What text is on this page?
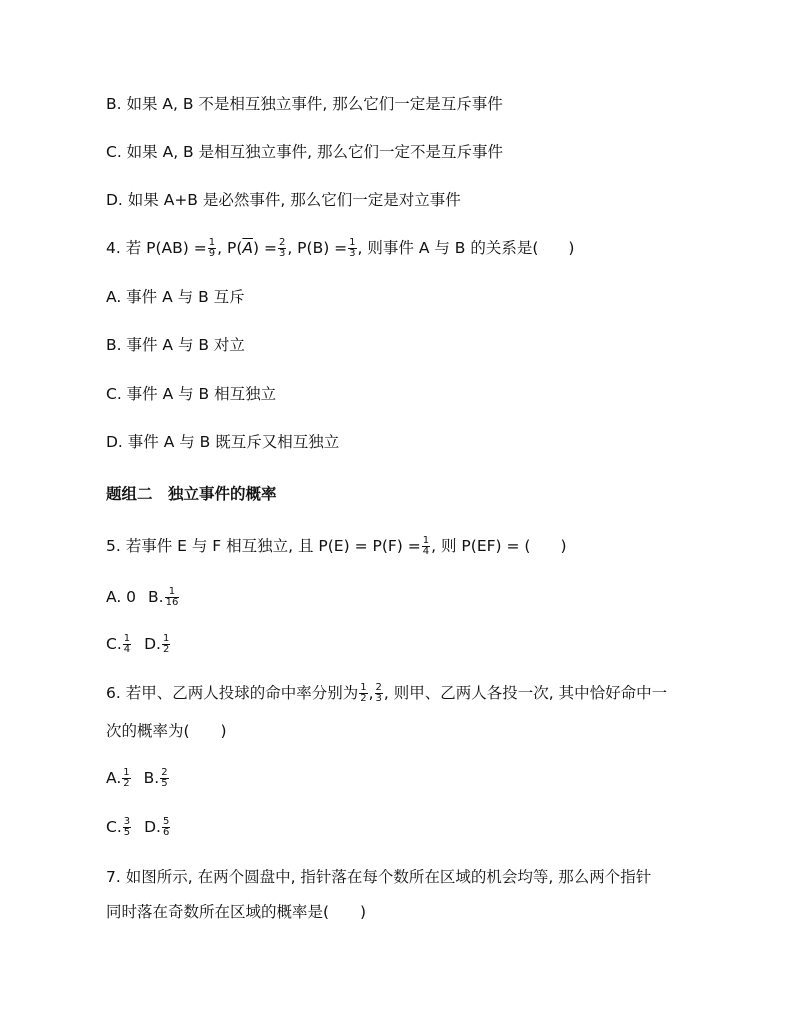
B. 如果 A, B 不是相互独立事件, 那么它们一定是互斥事件
C. 如果 A, B 是相互独立事件, 那么它们一定不是互斥事件
D. 如果 A+B 是必然事件, 那么它们一定是对立事件
4. 若 $P(AB) = \frac{1}{9}$ , $P(\overline{A}) = \frac{2}{3}$ , $P(B) = \frac{1}{3}$ , 则事件 A 与 B 的关系是( )
A. 事件 A 与 B 互斥
B. 事件 A 与 B 对立
C. 事件 A 与 B 相互独立
D. 事件 A 与 B 既互斥又相互独立
题组二　独立事件的概率
5. 若事件 E 与 F 相互独立, 且 $P(E) = P(F) = \frac{1}{4}$ , 则 P(EF) = ( )
A. 0 B. $\frac{1}{16}$
C. $\frac{1}{4} D$. $\frac{1}{2}$
6. 若甲、乙两人投球的命中率分别为 $\frac{1}{2}$ , $\frac{2}{3}$ , 则甲、乙两人各投一次, 其中恰好命中一
次的概率为(　　)
A. $\frac{1}{2} B$. $\frac{2}{5}$
C. $\frac{3}{5} D$. $\frac{5}{6}$
7. 如图所示, 在两个圆盘中, 指针落在每个数所在区域的机会均等, 那么两个指针
同时落在奇数所在区域的概率是(　　)
